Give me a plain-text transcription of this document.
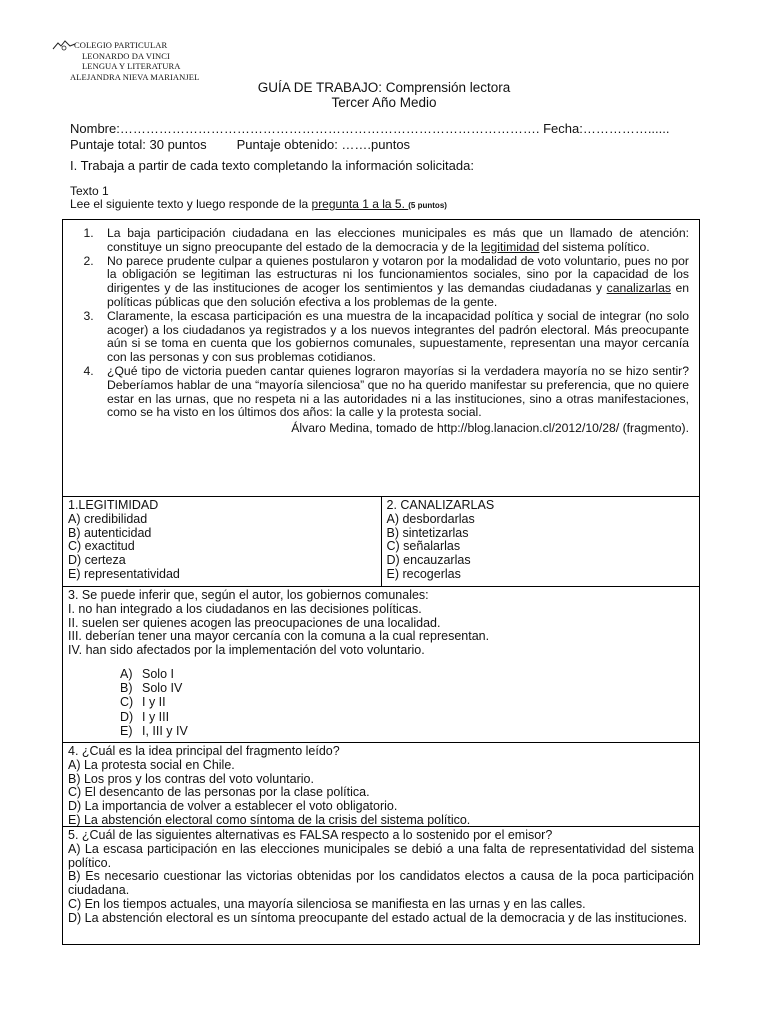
COLEGIO PARTICULAR
LEONARDO DA VINCI
LENGUA Y LITERATURA
ALEJANDRA NIEVA MARIANJEL
GUÍA DE TRABAJO: Comprensión lectora
Tercer Año Medio
Nombre:……………………………………………………………………………………. Fecha:……………......
Puntaje total: 30 puntos Puntaje obtenido: …….puntos
I. Trabaja a partir de cada texto completando la información solicitada:
Texto 1
Lee el siguiente texto y luego responde de la pregunta 1 a la 5. (5 puntos)
1. La baja participación ciudadana en las elecciones municipales es más que un llamado de atención: constituye un signo preocupante del estado de la democracia y de la legitimidad del sistema político.
2. No parece prudente culpar a quienes postularon y votaron por la modalidad de voto voluntario, pues no por la obligación se legitiman las estructuras ni los funcionamientos sociales, sino por la capacidad de los dirigentes y de las instituciones de acoger los sentimientos y las demandas ciudadanas y canalizarlas en políticas públicas que den solución efectiva a los problemas de la gente.
3. Claramente, la escasa participación es una muestra de la incapacidad política y social de integrar (no solo acoger) a los ciudadanos ya registrados y a los nuevos integrantes del padrón electoral. Más preocupante aún si se toma en cuenta que los gobiernos comunales, supuestamente, representan una mayor cercanía con las personas y con sus problemas cotidianos.
4. ¿Qué tipo de victoria pueden cantar quienes lograron mayorías si la verdadera mayoría no se hizo sentir? Deberíamos hablar de una “mayoría silenciosa” que no ha querido manifestar su preferencia, que no quiere estar en las urnas, que no respeta ni a las autoridades ni a las instituciones, sino a otras manifestaciones, como se ha visto en los últimos dos años: la calle y la protesta social.
Álvaro Medina, tomado de http://blog.lanacion.cl/2012/10/28/ (fragmento).
1.LEGITIMIDAD
A) credibilidad
B) autenticidad
C) exactitud
D) certeza
E) representatividad
2. CANALIZARLAS
A) desbordarlas
B) sintetizarlas
C) señalarlas
D) encauzarlas
E) recogerlas
3. Se puede inferir que, según el autor, los gobiernos comunales:
I. no han integrado a los ciudadanos en las decisiones políticas.
II. suelen ser quienes acogen las preocupaciones de una localidad.
III. deberían tener una mayor cercanía con la comuna a la cual representan.
IV. han sido afectados por la implementación del voto voluntario.
A) Solo I
B) Solo IV
C) I y II
D) I y III
E) I, III y IV
4. ¿Cuál es la idea principal del fragmento leído?
A) La protesta social en Chile.
B) Los pros y los contras del voto voluntario.
C) El desencanto de las personas por la clase política.
D) La importancia de volver a establecer el voto obligatorio.
E) La abstención electoral como síntoma de la crisis del sistema político.
5. ¿Cuál de las siguientes alternativas es FALSA respecto a lo sostenido por el emisor?
A) La escasa participación en las elecciones municipales se debió a una falta de representatividad del sistema político.
B) Es necesario cuestionar las victorias obtenidas por los candidatos electos a causa de la poca participación ciudadana.
C) En los tiempos actuales, una mayoría silenciosa se manifiesta en las urnas y en las calles.
D) La abstención electoral es un síntoma preocupante del estado actual de la democracia y de las instituciones.
